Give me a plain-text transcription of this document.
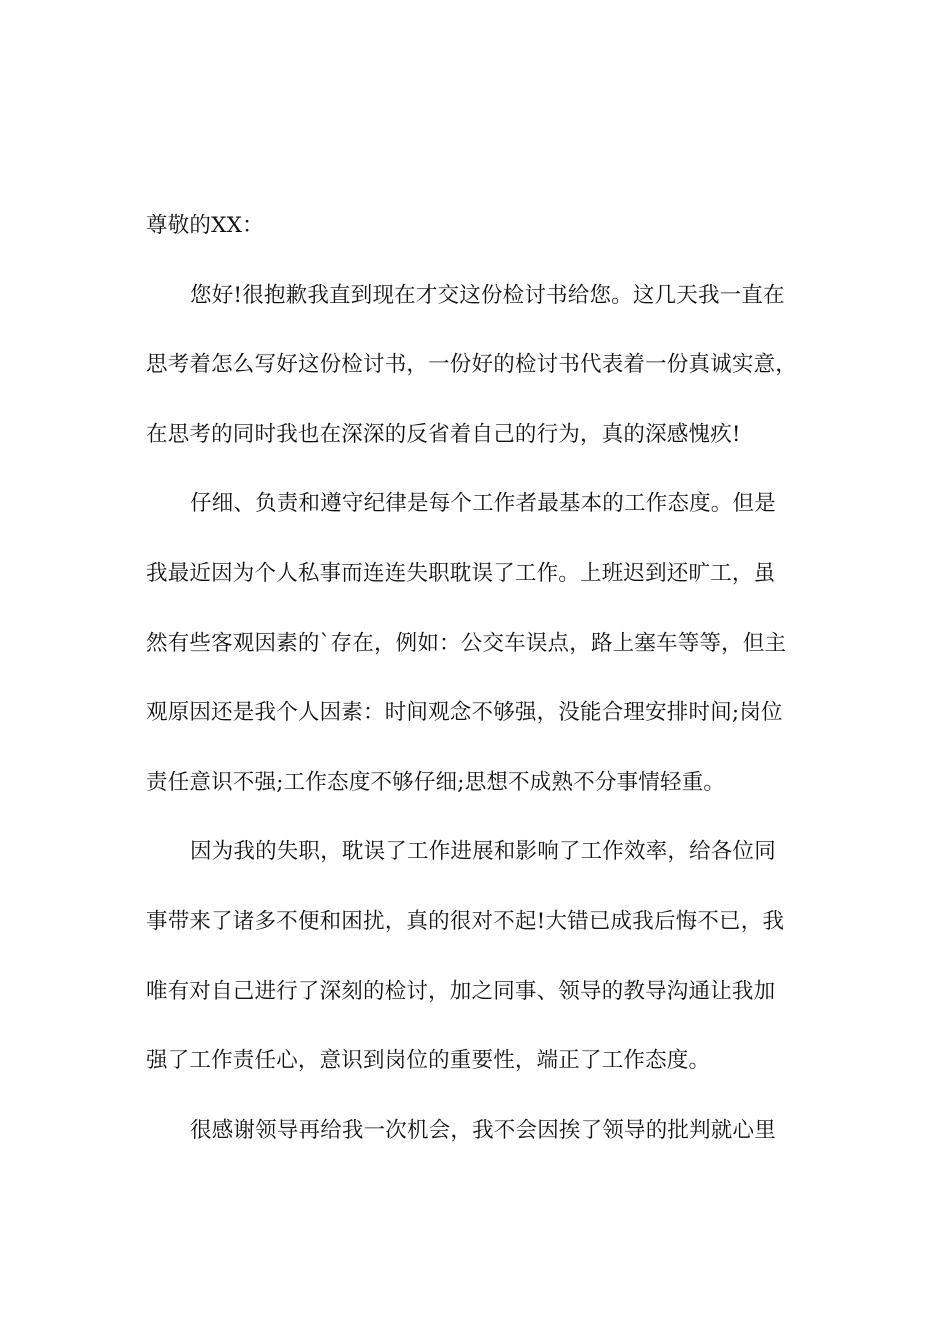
尊敬的XX：
您好!很抱歉我直到现在才交这份检讨书给您。这几天我一直在
思考着怎么写好这份检讨书，一份好的检讨书代表着一份真诚实意，
在思考的同时我也在深深的反省着自己的行为，真的深感愧疚!
仔细、负责和遵守纪律是每个工作者最基本的工作态度。但是
我最近因为个人私事而连连失职耽误了工作。上班迟到还旷工，虽
然有些客观因素的`存在，例如：公交车误点，路上塞车等等，但主
观原因还是我个人因素：时间观念不够强，没能合理安排时间;岗位
责任意识不强;工作态度不够仔细;思想不成熟不分事情轻重。
因为我的失职，耽误了工作进展和影响了工作效率，给各位同
事带来了诸多不便和困扰，真的很对不起!大错已成我后悔不已，我
唯有对自己进行了深刻的检讨，加之同事、领导的教导沟通让我加
强了工作责任心，意识到岗位的重要性，端正了工作态度。
很感谢领导再给我一次机会，我不会因挨了领导的批判就心里
